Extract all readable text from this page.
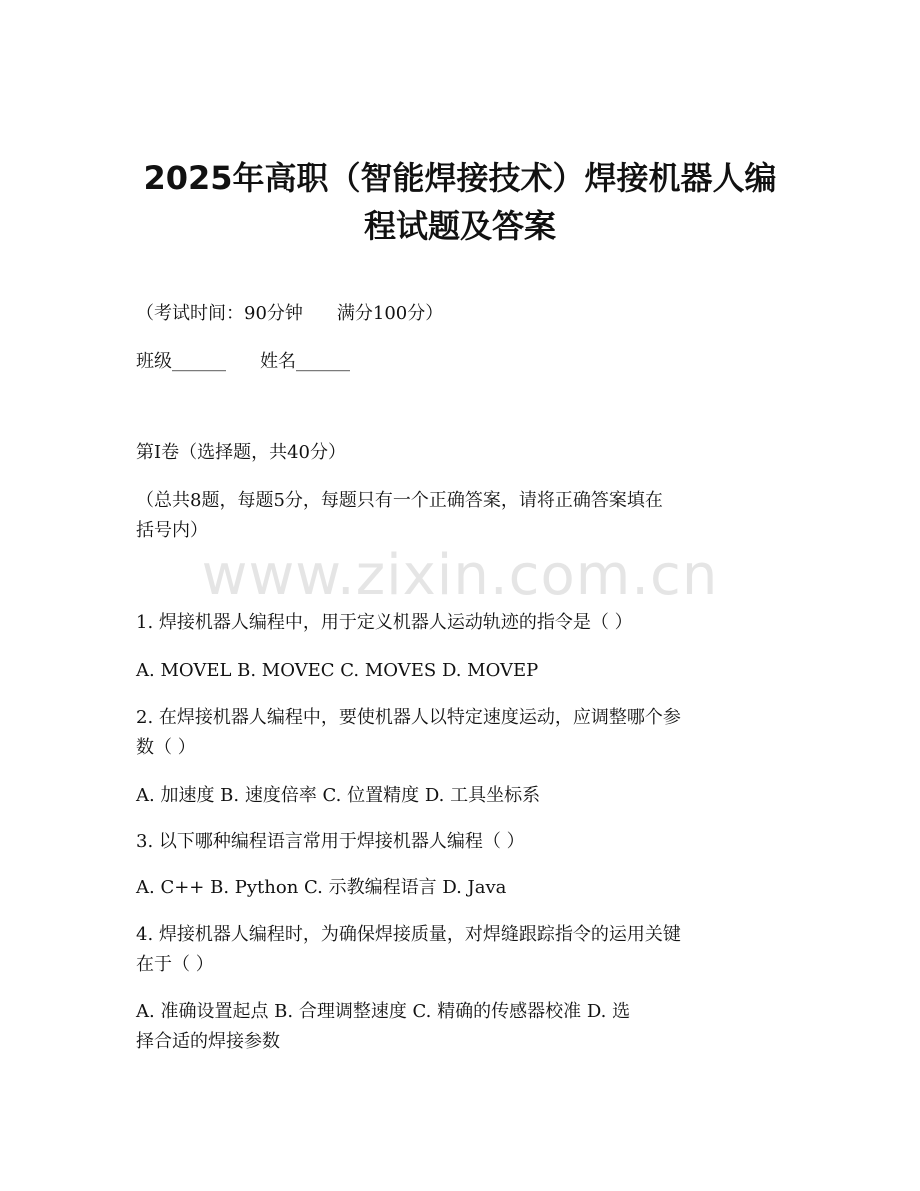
2025年高职（智能焊接技术）焊接机器人编
程试题及答案

（考试时间：90分钟 满分100分）

班级______ 姓名______

第I卷（选择题，共40分）

（总共8题，每题5分，每题只有一个正确答案，请将正确答案填在

括号内）

www.zixin.com.cn

1. 焊接机器人编程中，用于定义机器人运动轨迹的指令是（ ）

A. MOVEL B. MOVEC C. MOVES D. MOVEP

2. 在焊接机器人编程中，要使机器人以特定速度运动，应调整哪个参

数（ ）

A. 加速度 B. 速度倍率 C. 位置精度 D. 工具坐标系

3. 以下哪种编程语言常用于焊接机器人编程（ ）

A. C++ B. Python C. 示教编程语言 D. Java

4. 焊接机器人编程时，为确保焊接质量，对焊缝跟踪指令的运用关键

在于（ ）

A. 准确设置起点 B. 合理调整速度 C. 精确的传感器校准 D. 选

择合适的焊接参数
